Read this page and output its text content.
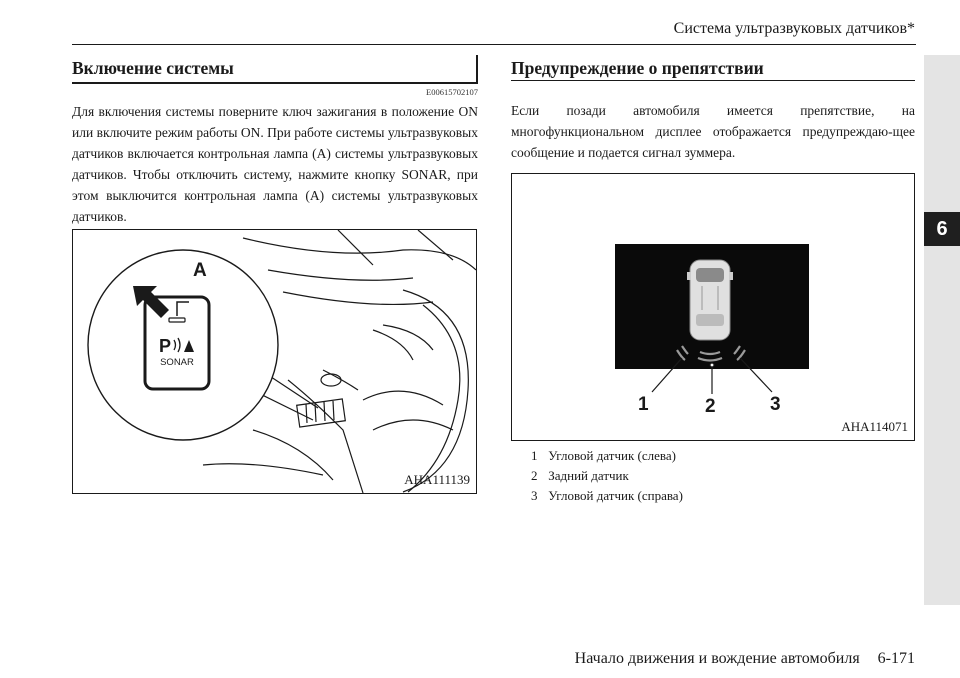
Система ультразвуковых датчиков*
6
Включение системы
E00615702107
Для включения системы поверните ключ зажигания в положение ON или включите режим работы ON. При работе системы ультразвуковых датчиков включается контрольная лампа (A) системы ультразвуковых датчиков. Чтобы отключить систему, нажмите кнопку SONAR, при этом выключится контрольная лампа (A) системы ультразвуковых датчиков.
P
SONAR
A
AHA111139
Предупреждение о препятствии
Если позади автомобиля имеется препятствие, на многофункциональном дисплее отображается предупреждаю-щее сообщение и подается сигнал зуммера.
1	2	3
AHA114071
1 Угловой датчик (слева)
2 Задний датчик
3 Угловой датчик (справа)
Начало движения и вождение автомобиля 6-171
